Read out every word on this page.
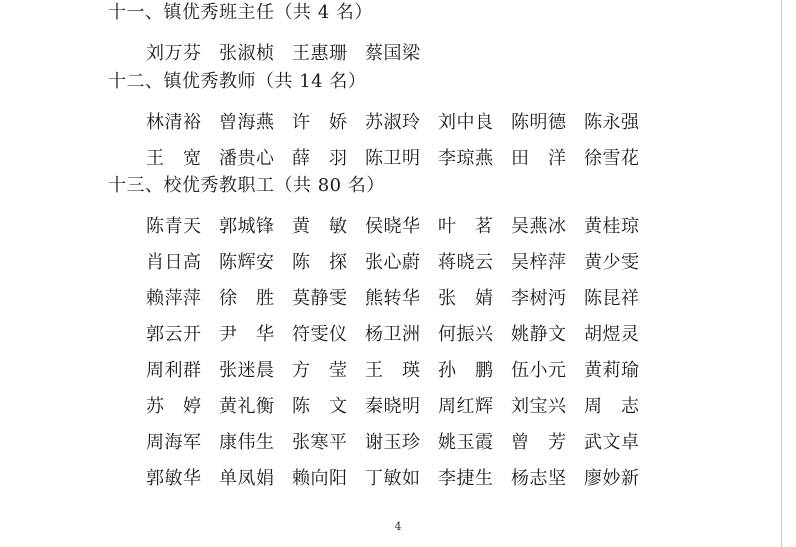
十一、镇优秀班主任（共 4 名）
刘万芬 张淑桢 王惠珊 蔡国梁
十二、镇优秀教师（共 14 名）
林清裕 曾海燕 许　娇 苏淑玲 刘中良 陈明德 陈永强
王　宽 潘贵心 薛　羽 陈卫明 李琼燕 田　洋 徐雪花
十三、校优秀教职工（共 80 名）
陈青天 郭城锋 黄　敏 侯晓华 叶　茗 吴燕冰 黄桂琼
肖日高 陈辉安 陈　探 张心蔚 蒋晓云 吴梓萍 黄少雯
赖萍萍 徐　胜 莫静雯 熊转华 张　婧 李树沔 陈昆祥
郭云开 尹　华 符雯仪 杨卫洲 何振兴 姚静文 胡煜灵
周利群 张迷晨 方　莹 王　瑛 孙　鹏 伍小元 黄莉瑜
苏　婷 黄礼衡 陈　文 秦晓明 周红辉 刘宝兴 周　志
周海军 康伟生 张寒平 谢玉珍 姚玉霞 曾　芳 武文卓
郭敏华 单凤娟 赖向阳 丁敏如 李捷生 杨志坚 廖妙新
4
